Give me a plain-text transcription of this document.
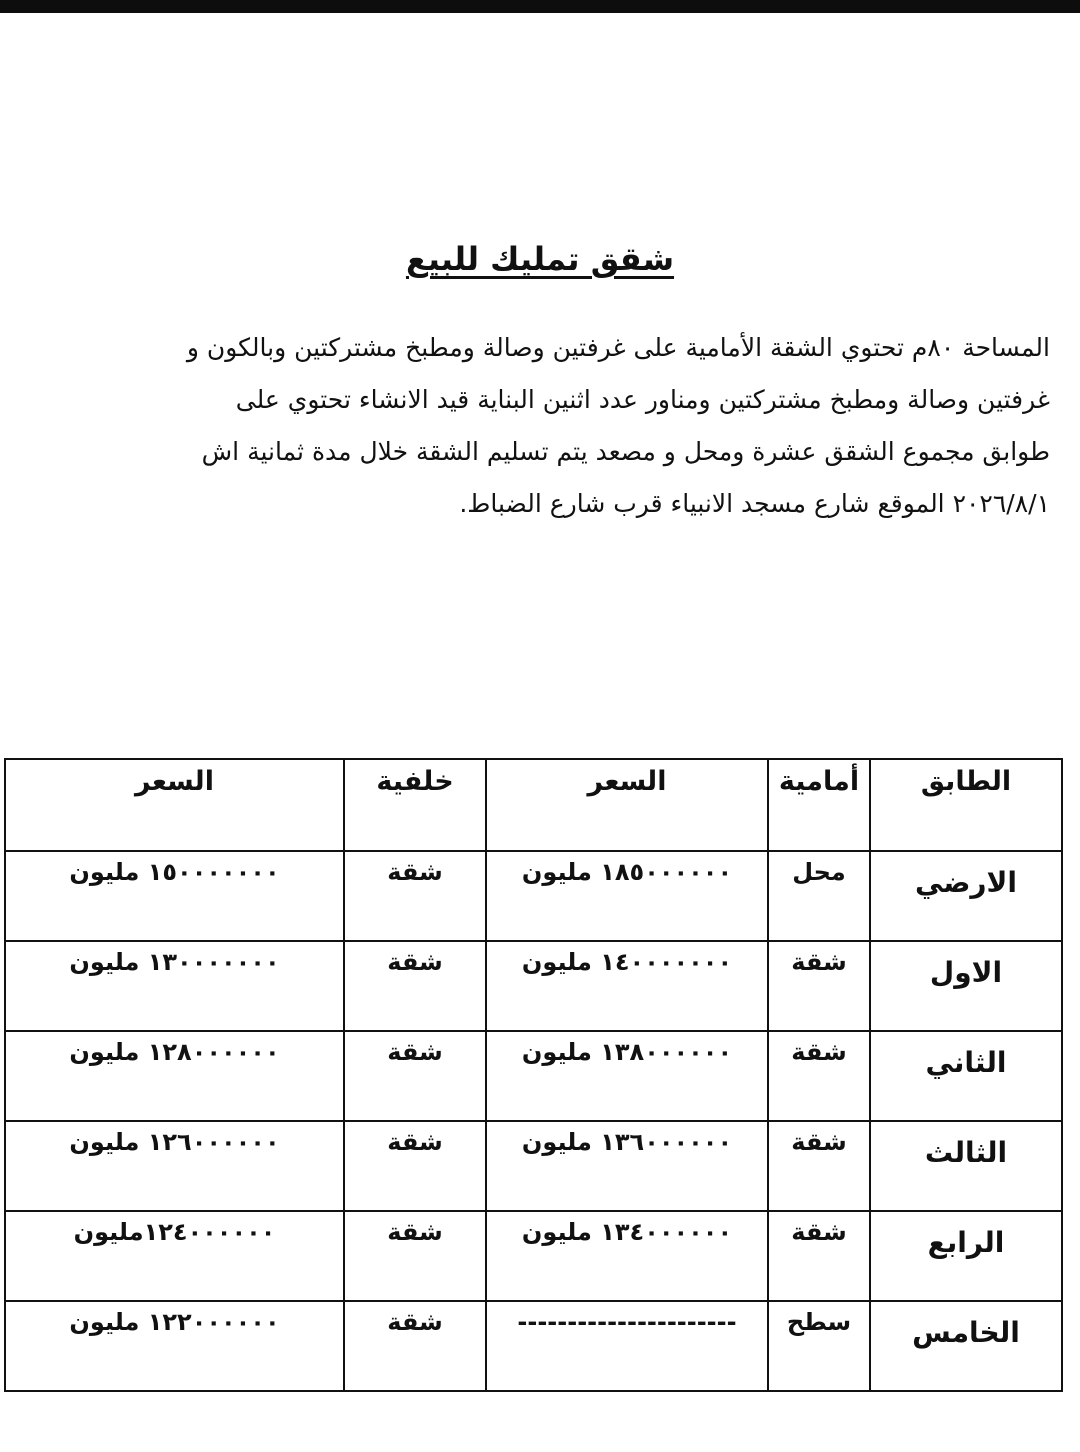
شقق تمليك للبيع
المساحة ٨٠م تحتوي الشقة الأمامية على غرفتين وصالة ومطبخ مشتركتين وبالكون و
غرفتين وصالة ومطبخ مشتركتين ومناور عدد اثنين البناية قيد الانشاء تحتوي على
طوابق مجموع الشقق عشرة ومحل و مصعد يتم تسليم الشقة خلال مدة ثمانية اش
٢٠٢٦/٨/١ الموقع شارع مسجد الانبياء قرب شارع الضباط.
الطابق	أمامية	السعر	خلفية	السعر
الارضي	محل	١٨٥٠٠٠٠٠٠ مليون	شقة	١٥٠٠٠٠٠٠٠ مليون
الاول	شقة	١٤٠٠٠٠٠٠٠ مليون	شقة	١٣٠٠٠٠٠٠٠ مليون
الثاني	شقة	١٣٨٠٠٠٠٠٠ مليون	شقة	١٢٨٠٠٠٠٠٠ مليون
الثالث	شقة	١٣٦٠٠٠٠٠٠ مليون	شقة	١٢٦٠٠٠٠٠٠ مليون
الرابع	شقة	١٣٤٠٠٠٠٠٠ مليون	شقة	١٢٤٠٠٠٠٠٠مليون
الخامس	سطح	----------------------	شقة	١٢٢٠٠٠٠٠٠ مليون
